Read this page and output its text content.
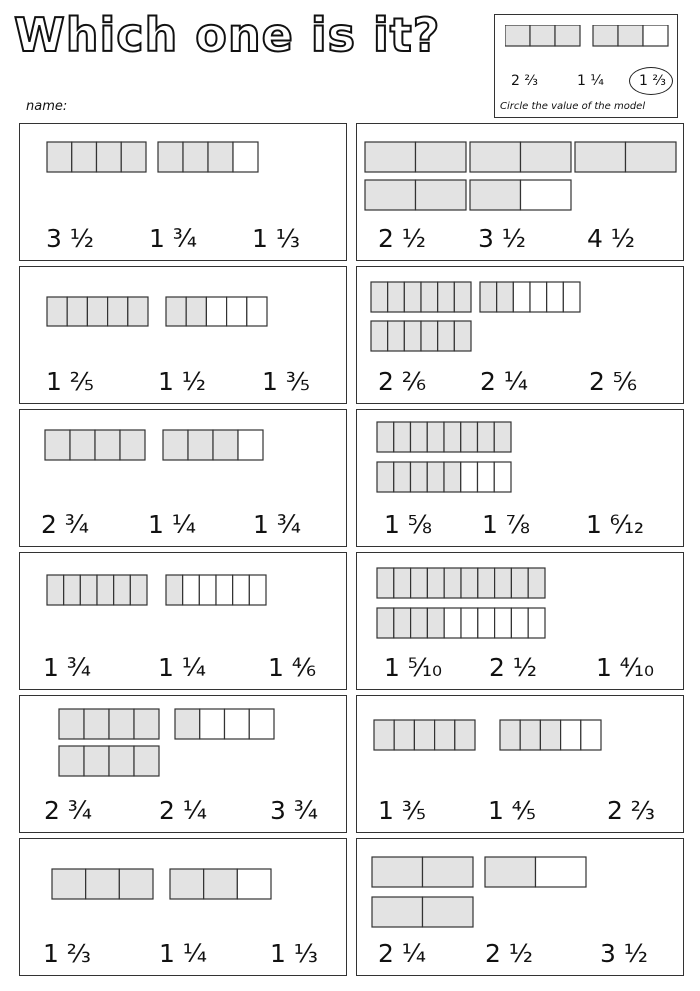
Which one is it?
2 ⅔	1 ¼	1 ⅔
Circle the value of the model
name:
3 ½ 1 ¾ 1 ⅓	2 ½ 3 ½ 4 ½
1 ⅖	1 ½ 1 ⅗	2 ²⁄₆ 2 ¼ 2 ⅚
2 ¾ 1 ¼ 1 ¾	1 ⅝ 1 ⅞ 1 ⁶⁄₁₂
1 ¾	1 ¼ 1 ⁴⁄₆	1 ⁵⁄₁₀ 2 ½ 1 ⁴⁄₁₀
2 ¾	2 ¼	3 ¾ 1 ⅗ 1 ⅘	2 ⅔
1 ⅔	1 ¼	1 ⅓ 2 ¼ 2 ½	3 ½
